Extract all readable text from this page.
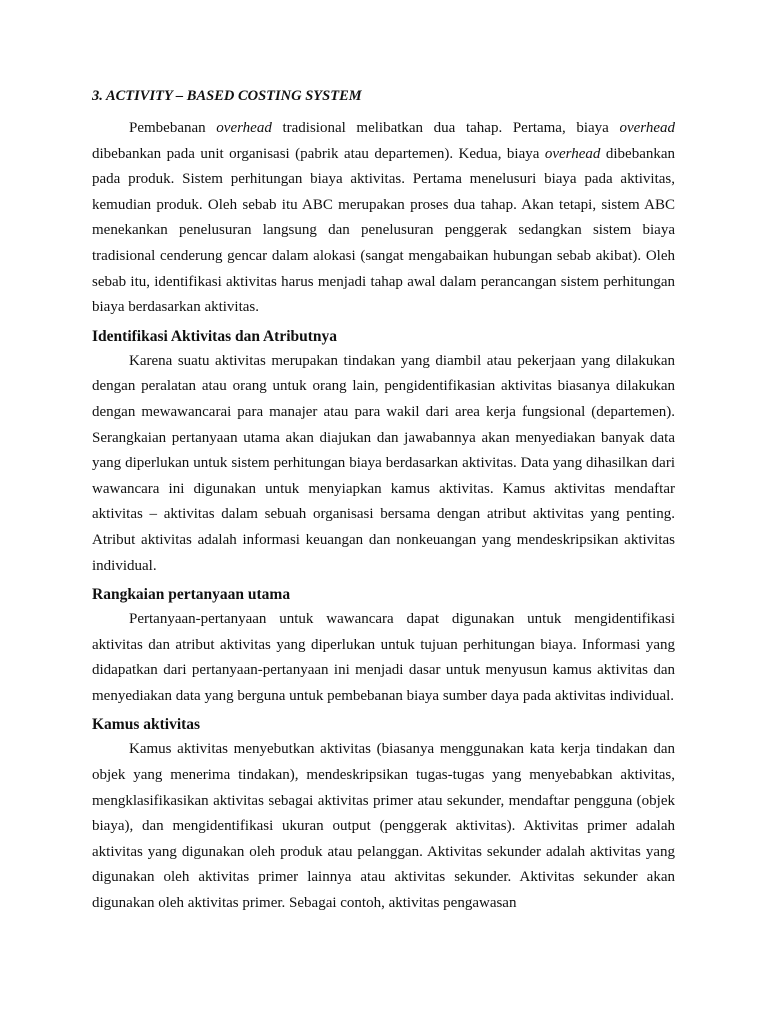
3. ACTIVITY – BASED COSTING SYSTEM

Pembebanan overhead tradisional melibatkan dua tahap. Pertama, biaya overhead dibebankan pada unit organisasi (pabrik atau departemen). Kedua, biaya overhead dibebankan pada produk. Sistem perhitungan biaya aktivitas. Pertama menelusuri biaya pada aktivitas, kemudian produk. Oleh sebab itu ABC merupakan proses dua tahap. Akan tetapi, sistem ABC menekankan penelusuran langsung dan penelusuran penggerak sedangkan sistem biaya tradisional cenderung gencar dalam alokasi (sangat mengabaikan hubungan sebab akibat). Oleh sebab itu, identifikasi aktivitas harus menjadi tahap awal dalam perancangan sistem perhitungan biaya berdasarkan aktivitas.

Identifikasi Aktivitas dan Atributnya

Karena suatu aktivitas merupakan tindakan yang diambil atau pekerjaan yang dilakukan dengan peralatan atau orang untuk orang lain, pengidentifikasian aktivitas biasanya dilakukan dengan mewawancarai para manajer atau para wakil dari area kerja fungsional (departemen). Serangkaian pertanyaan utama akan diajukan dan jawabannya akan menyediakan banyak data yang diperlukan untuk sistem perhitungan biaya berdasarkan aktivitas. Data yang dihasilkan dari wawancara ini digunakan untuk menyiapkan kamus aktivitas. Kamus aktivitas mendaftar aktivitas – aktivitas dalam sebuah organisasi bersama dengan atribut aktivitas yang penting. Atribut aktivitas adalah informasi keuangan dan nonkeuangan yang mendeskripsikan aktivitas individual.

Rangkaian pertanyaan utama

Pertanyaan-pertanyaan untuk wawancara dapat digunakan untuk mengidentifikasi aktivitas dan atribut aktivitas yang diperlukan untuk tujuan perhitungan biaya. Informasi yang didapatkan dari pertanyaan-pertanyaan ini menjadi dasar untuk menyusun kamus aktivitas dan menyediakan data yang berguna untuk pembebanan biaya sumber daya pada aktivitas individual.

Kamus aktivitas

Kamus aktivitas menyebutkan aktivitas (biasanya menggunakan kata kerja tindakan dan objek yang menerima tindakan), mendeskripsikan tugas-tugas yang menyebabkan aktivitas, mengklasifikasikan aktivitas sebagai aktivitas primer atau sekunder, mendaftar pengguna (objek biaya), dan mengidentifikasi ukuran output (penggerak aktivitas). Aktivitas primer adalah aktivitas yang digunakan oleh produk atau pelanggan. Aktivitas sekunder adalah aktivitas yang digunakan oleh aktivitas primer lainnya atau aktivitas sekunder. Aktivitas sekunder akan digunakan oleh aktivitas primer. Sebagai contoh, aktivitas pengawasan
